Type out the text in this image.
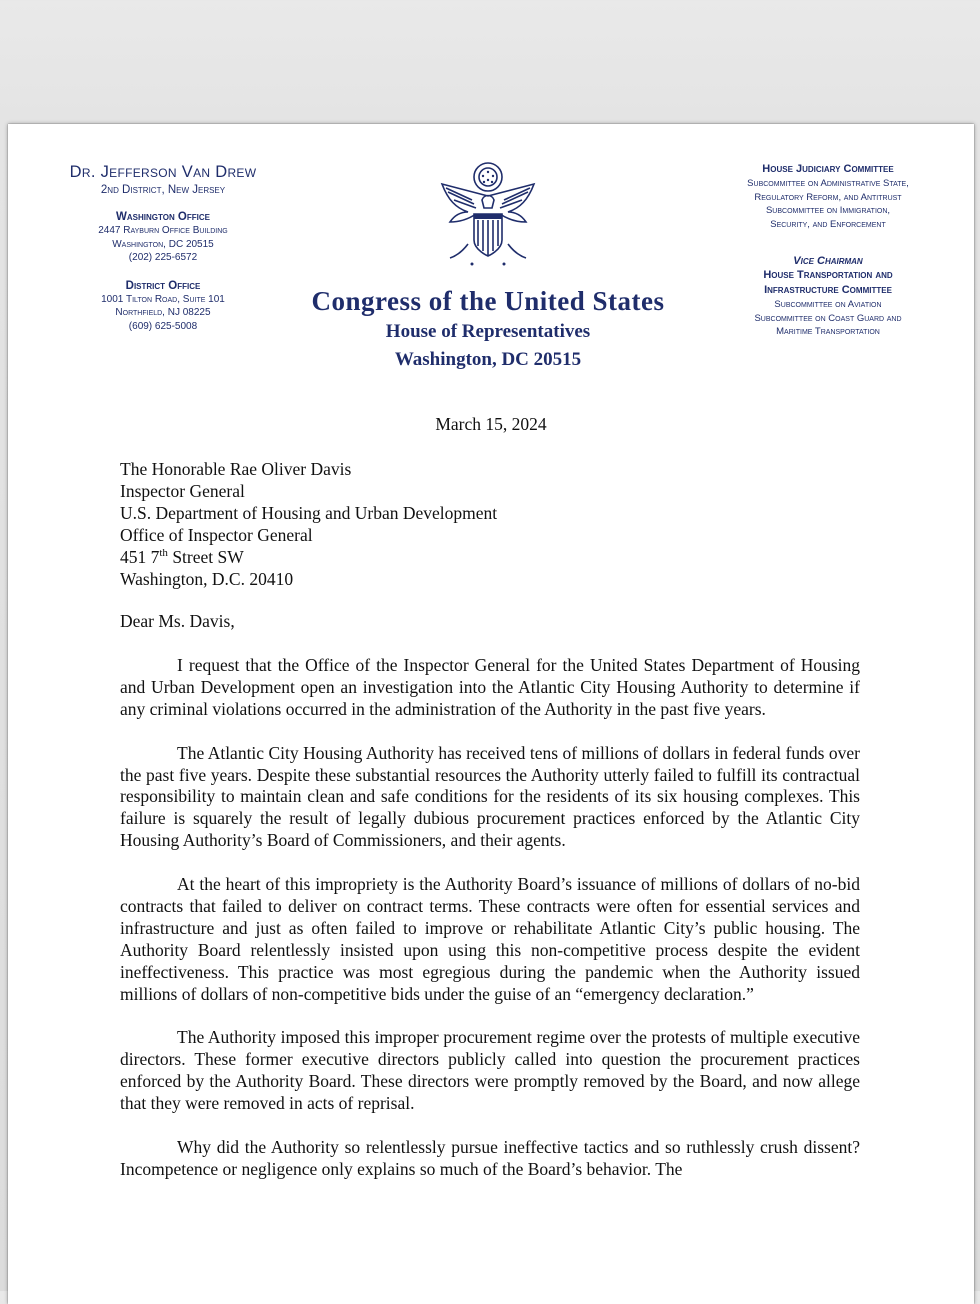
Dr. Jefferson Van Drew
2nd District, New Jersey
Washington Office
2447 Rayburn Office Building
Washington, DC 20515
(202) 225-6572
District Office
1001 Tilton Road, Suite 101
Northfield, NJ 08225
(609) 625-5008
Congress of the United States
House of Representatives
Washington, DC 20515
House Judiciary Committee
Subcommittee on Administrative State,
Regulatory Reform, and Antitrust
Subcommittee on Immigration,
Security, and Enforcement
Vice Chairman
House Transportation and
Infrastructure Committee
Subcommittee on Aviation
Subcommittee on Coast Guard and
Maritime Transportation
March 15, 2024
The Honorable Rae Oliver Davis
Inspector General
U.S. Department of Housing and Urban Development
Office of Inspector General
451 7th Street SW
Washington, D.C. 20410
Dear Ms. Davis,

I request that the Office of the Inspector General for the United States Department of Housing and Urban Development open an investigation into the Atlantic City Housing Authority to determine if any criminal violations occurred in the administration of the Authority in the past five years.

The Atlantic City Housing Authority has received tens of millions of dollars in federal funds over the past five years. Despite these substantial resources the Authority utterly failed to fulfill its contractual responsibility to maintain clean and safe conditions for the residents of its six housing complexes. This failure is squarely the result of legally dubious procurement practices enforced by the Atlantic City Housing Authority’s Board of Commissioners, and their agents.

At the heart of this impropriety is the Authority Board’s issuance of millions of dollars of no-bid contracts that failed to deliver on contract terms. These contracts were often for essential services and infrastructure and just as often failed to improve or rehabilitate Atlantic City’s public housing. The Authority Board relentlessly insisted upon using this non-competitive process despite the evident ineffectiveness. This practice was most egregious during the pandemic when the Authority issued millions of dollars of non-competitive bids under the guise of an “emergency declaration.”

The Authority imposed this improper procurement regime over the protests of multiple executive directors. These former executive directors publicly called into question the procurement practices enforced by the Authority Board. These directors were promptly removed by the Board, and now allege that they were removed in acts of reprisal.

Why did the Authority so relentlessly pursue ineffective tactics and so ruthlessly crush dissent? Incompetence or negligence only explains so much of the Board’s behavior. The
